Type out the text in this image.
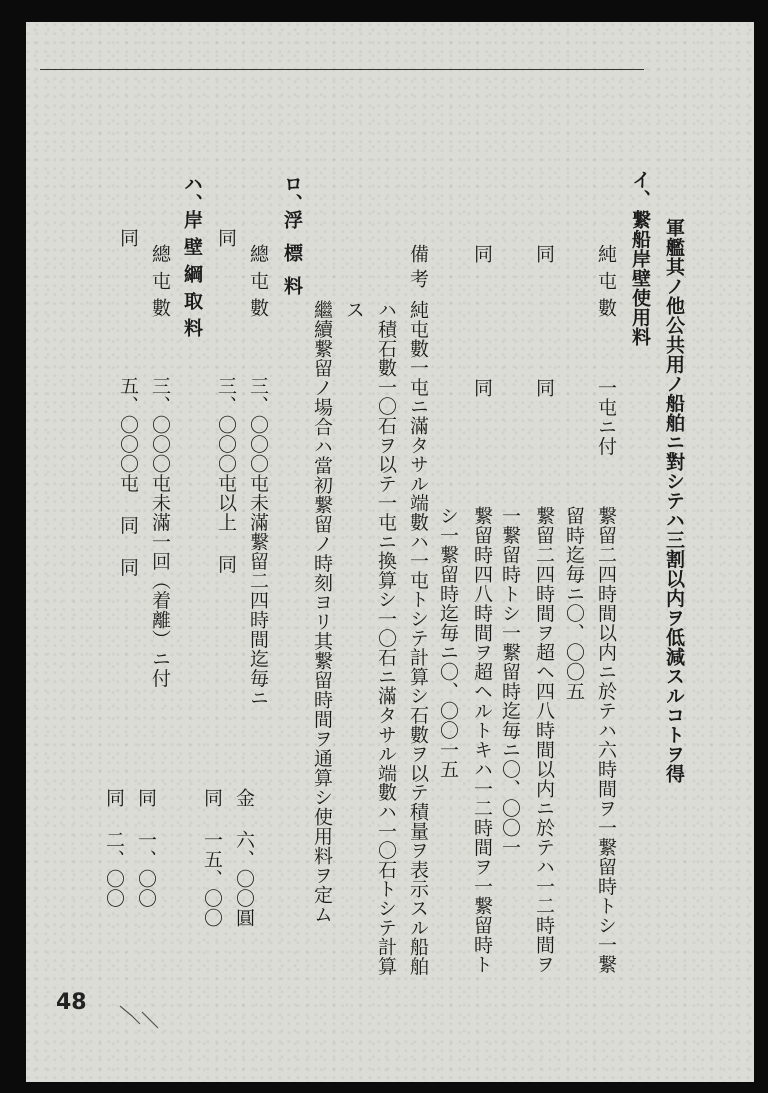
軍艦其ノ他公共用ノ船舶ニ對シテハ三割以内ヲ低減スルコトヲ得
イ、
繋船岸壁使用料
純屯數
一屯ニ付
繋留二四時間以内ニ於テハ六時間ヲ一繋留時トシ一繋
留時迄毎ニ〇、〇〇五
同
同
繋留二四時間ヲ超ヘ四八時間以内ニ於テハ一二時間ヲ
一繋留時トシ一繋留時迄毎ニ〇、〇〇一
同
同
繋留時四八時間ヲ超ヘルトキハ一二時間ヲ一繋留時ト
シ一繋留時迄毎ニ〇、〇〇一五
備考
純屯數一屯ニ滿タサル端數ハ一屯トシテ計算シ石數ヲ以テ積量ヲ表示スル船舶
ハ積石數一〇石ヲ以テ一屯ニ換算シ一〇石ニ滿タサル端數ハ一〇石トシテ計算
ス
繼續繋留ノ場合ハ當初繋留ノ時刻ヨリ其繋留時間ヲ通算シ使用料ヲ定ム
ロ、
浮標料
總屯數
三、〇〇〇屯未滿繋留二四時間迄毎ニ
金 六、〇〇圓
同
三、〇〇〇屯以上 同
同 一五、〇〇
ハ、
岸壁綱取料
總屯數
三、〇〇〇屯未滿一回（着離）ニ付
同 一、〇〇
同
五、〇〇〇屯 同 同
同 二、〇〇
48
